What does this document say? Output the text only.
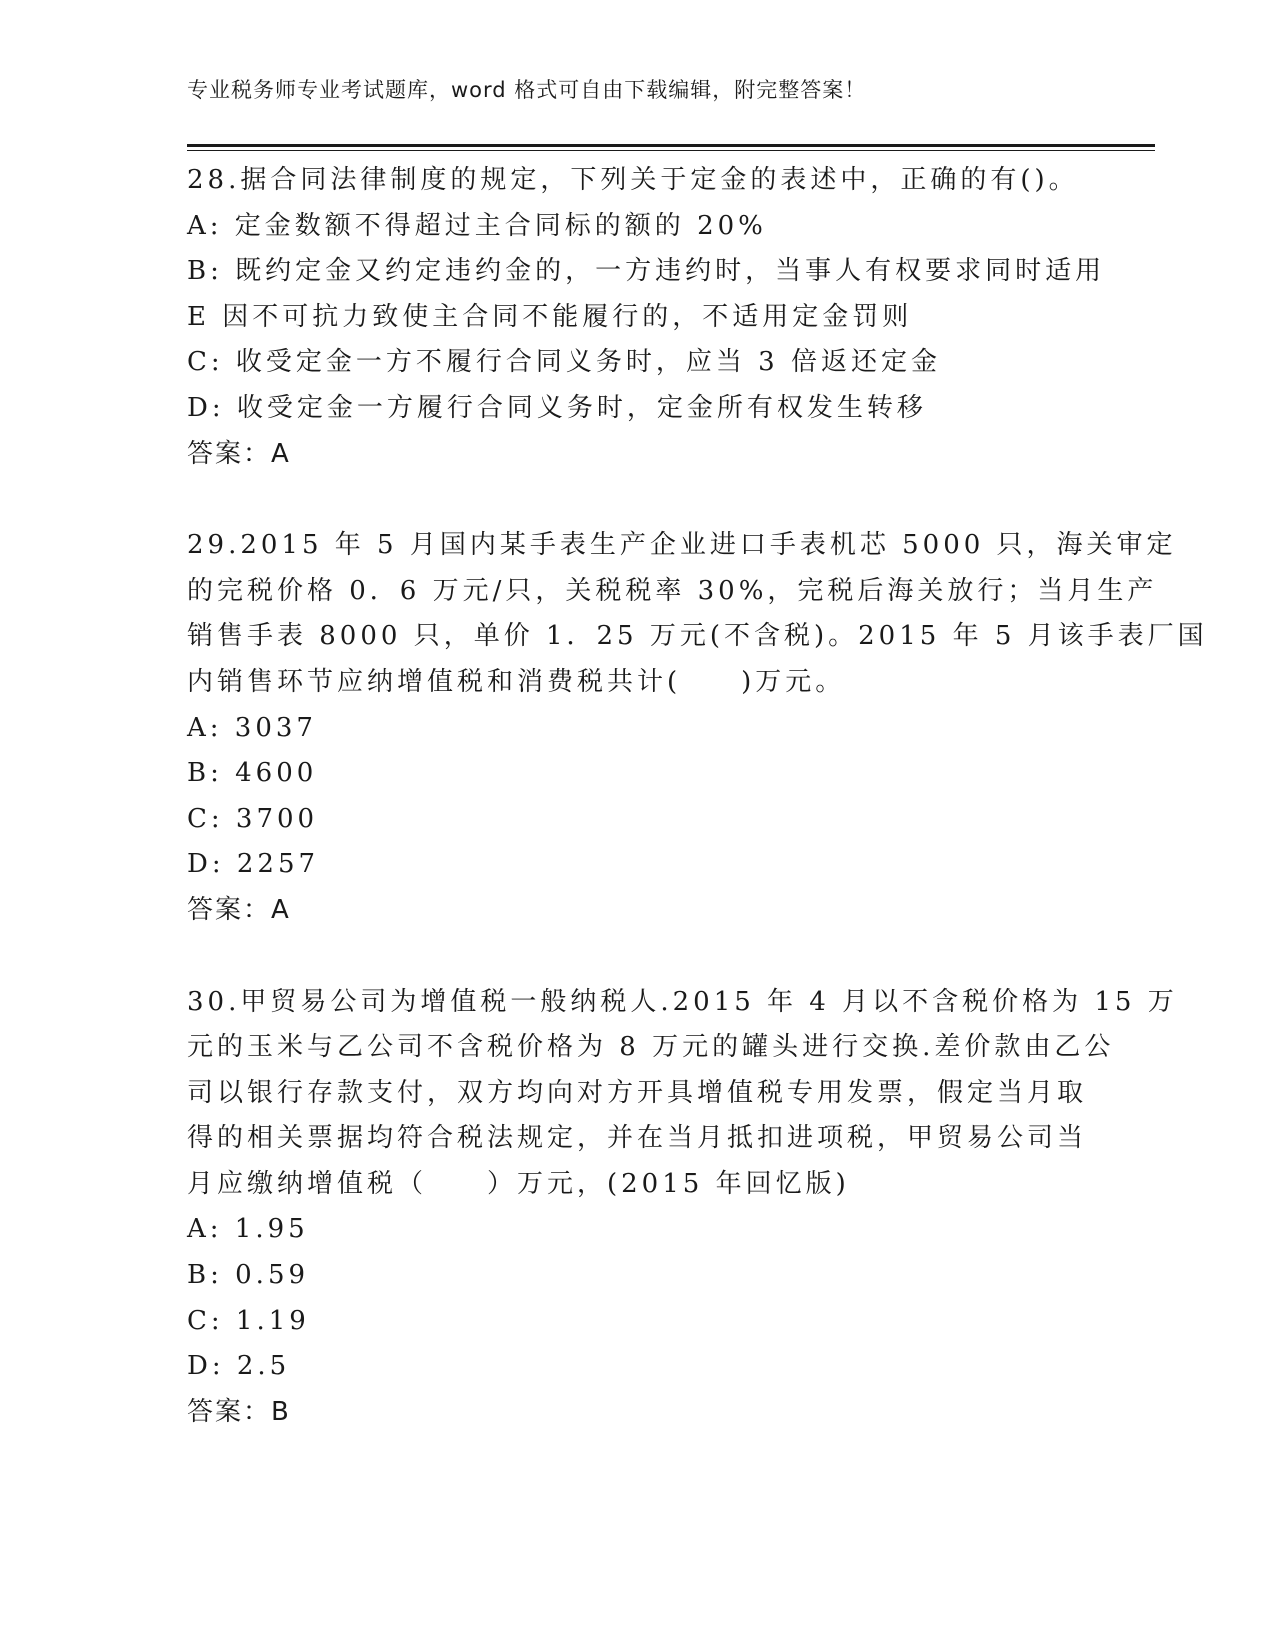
专业税务师专业考试题库，word 格式可自由下载编辑，附完整答案！
28.据合同法律制度的规定，下列关于定金的表述中，正确的有()。
A: 定金数额不得超过主合同标的额的 20%
B: 既约定金又约定违约金的，一方违约时，当事人有权要求同时适用
E 因不可抗力致使主合同不能履行的，不适用定金罚则
C: 收受定金一方不履行合同义务时，应当 3 倍返还定金
D: 收受定金一方履行合同义务时，定金所有权发生转移
答案：A
29.2015 年 5 月国内某手表生产企业进口手表机芯 5000 只，海关审定
的完税价格 0．6 万元/只，关税税率 30%，完税后海关放行；当月生产
销售手表 8000 只，单价 1．25 万元(不含税)。2015 年 5 月该手表厂国
内销售环节应纳增值税和消费税共计(　　)万元。
A: 3037
B: 4600
C: 3700
D: 2257
答案：A
30.甲贸易公司为增值税一般纳税人.2015 年 4 月以不含税价格为 15 万
元的玉米与乙公司不含税价格为 8 万元的罐头进行交换.差价款由乙公
司以银行存款支付，双方均向对方开具增值税专用发票，假定当月取
得的相关票据均符合税法规定，并在当月抵扣进项税，甲贸易公司当
月应缴纳增值税（　　）万元，(2015 年回忆版)
A: 1.95
B: 0.59
C: 1.19
D: 2.5
答案：B
